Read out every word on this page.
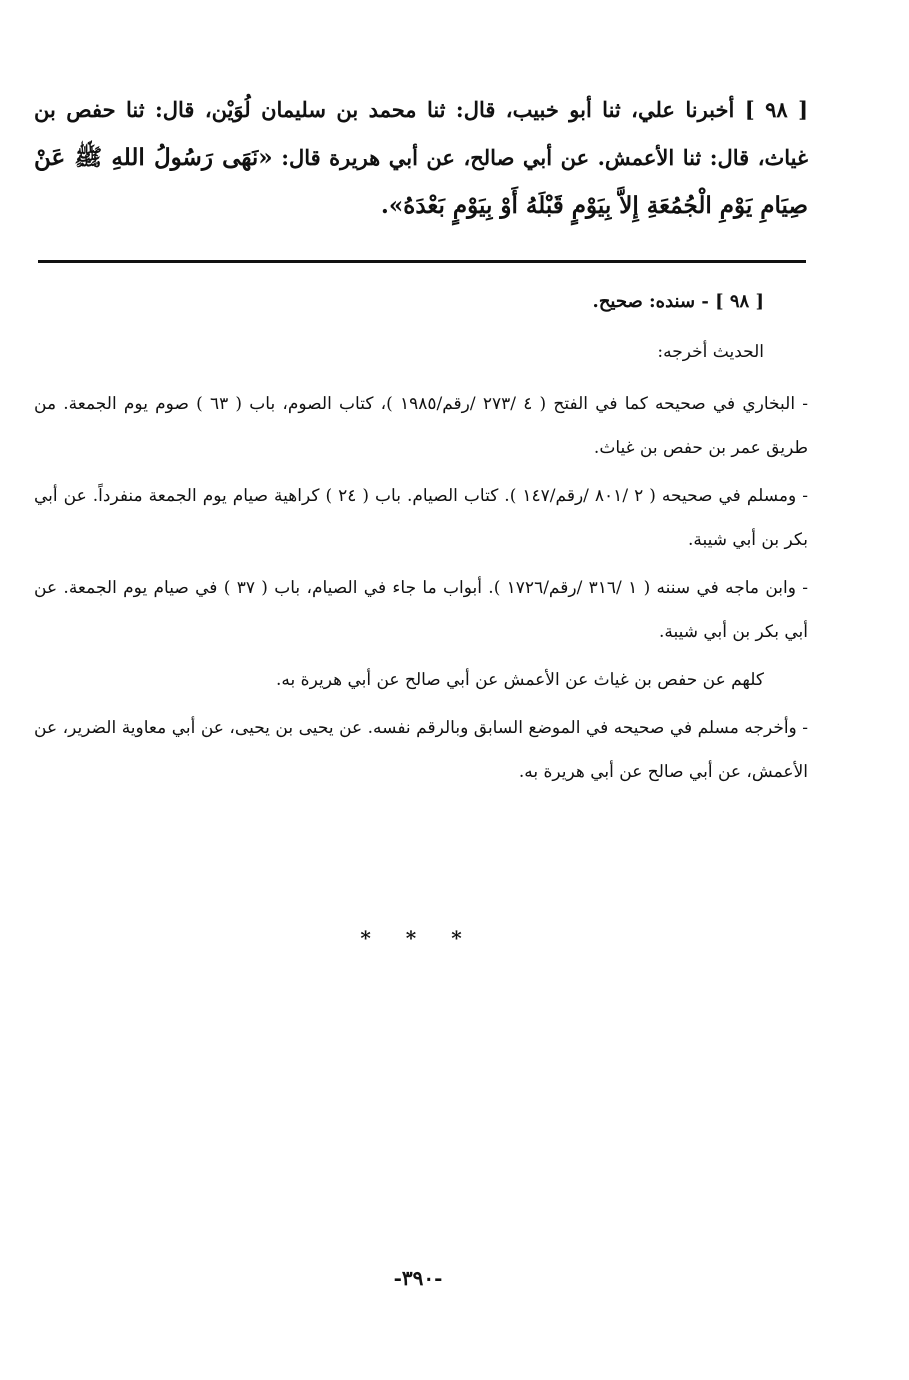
[ ٩٨ ] أخبرنا علي، ثنا أبو خبيب، قال: ثنا محمد بن سليمان لُوَيْن، قال: ثنا حفص بن غياث، قال: ثنا الأعمش. عن أبي صالح، عن أبي هريرة قال: «نَهَى رَسُولُ اللهِ ﷺ عَنْ صِيَامِ يَوْمِ الْجُمُعَةِ إِلاَّ بِيَوْمٍ قَبْلَهُ أَوْ بِيَوْمٍ بَعْدَهُ».

[ ٩٨ ] - سنده: صحيح.

الحديث أخرجه:

- البخاري في صحيحه كما في الفتح ( ٤ /٢٧٣ /رقم/١٩٨٥ )، كتاب الصوم، باب ( ٦٣ ) صوم يوم الجمعة. من طريق عمر بن حفص بن غياث.

- ومسلم في صحيحه ( ٢ /٨٠١ /رقم/١٤٧ ). كتاب الصيام. باب ( ٢٤ ) كراهية صيام يوم الجمعة منفرداً. عن أبي بكر بن أبي شيبة.

- وابن ماجه في سننه ( ١ /٣١٦ /رقم/١٧٢٦ ). أبواب ما جاء في الصيام، باب ( ٣٧ ) في صيام يوم الجمعة. عن أبي بكر بن أبي شيبة.

كلهم عن حفص بن غياث عن الأعمش عن أبي صالح عن أبي هريرة به.

- وأخرجه مسلم في صحيحه في الموضع السابق وبالرقم نفسه. عن يحيى بن يحيى، عن أبي معاوية الضرير، عن الأعمش، عن أبي صالح عن أبي هريرة به.

* * *
-٣٩٠-
